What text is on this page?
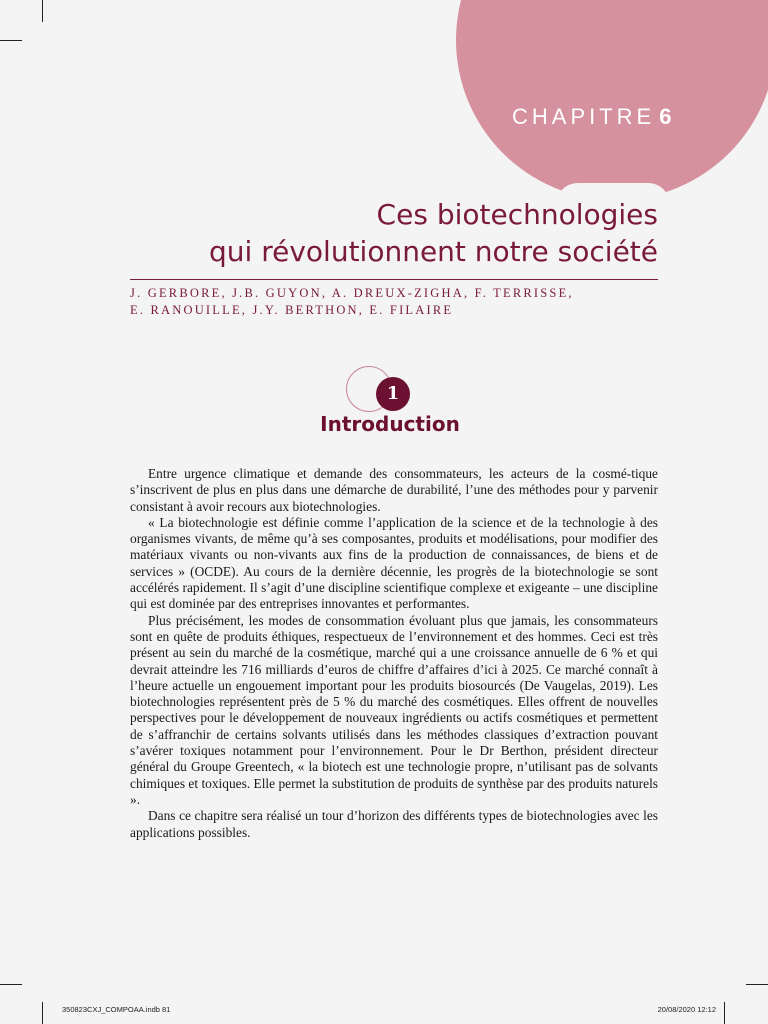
CHAPITRE 6
Ces biotechnologies
qui révolutionnent notre société
J. GERBORE, J.B. GUYON, A. DREUX-ZIGHA, F. TERRISSE,
E. RANOUILLE, J.Y. BERTHON, E. FILAIRE
1
Introduction

Entre urgence climatique et demande des consommateurs, les acteurs de la cosmé-tique s’inscrivent de plus en plus dans une démarche de durabilité, l’une des méthodes pour y parvenir consistant à avoir recours aux biotechnologies.

« La biotechnologie est définie comme l’application de la science et de la technologie à des organismes vivants, de même qu’à ses composantes, produits et modélisations, pour modifier des matériaux vivants ou non-vivants aux fins de la production de connaissances, de biens et de services » (OCDE). Au cours de la dernière décennie, les progrès de la biotechnologie se sont accélérés rapidement. Il s’agit d’une discipline scientifique complexe et exigeante – une discipline qui est dominée par des entreprises innovantes et performantes.

Plus précisément, les modes de consommation évoluant plus que jamais, les consommateurs sont en quête de produits éthiques, respectueux de l’environnement et des hommes. Ceci est très présent au sein du marché de la cosmétique, marché qui a une croissance annuelle de 6 % et qui devrait atteindre les 716 milliards d’euros de chiffre d’affaires d’ici à 2025. Ce marché connaît à l’heure actuelle un engouement important pour les produits biosourcés (De Vaugelas, 2019). Les biotechnologies représentent près de 5 % du marché des cosmétiques. Elles offrent de nouvelles perspectives pour le développement de nouveaux ingrédients ou actifs cosmétiques et permettent de s’affranchir de certains solvants utilisés dans les méthodes classiques d’extraction pouvant s’avérer toxiques notamment pour l’environnement. Pour le Dr Berthon, président directeur général du Groupe Greentech, « la biotech est une technologie propre, n’utilisant pas de solvants chimiques et toxiques. Elle permet la substitution de produits de synthèse par des produits naturels ».

Dans ce chapitre sera réalisé un tour d’horizon des différents types de biotechnologies avec les applications possibles.

350823CXJ_COMPOAA.indb 81	20/08/2020 12:12
